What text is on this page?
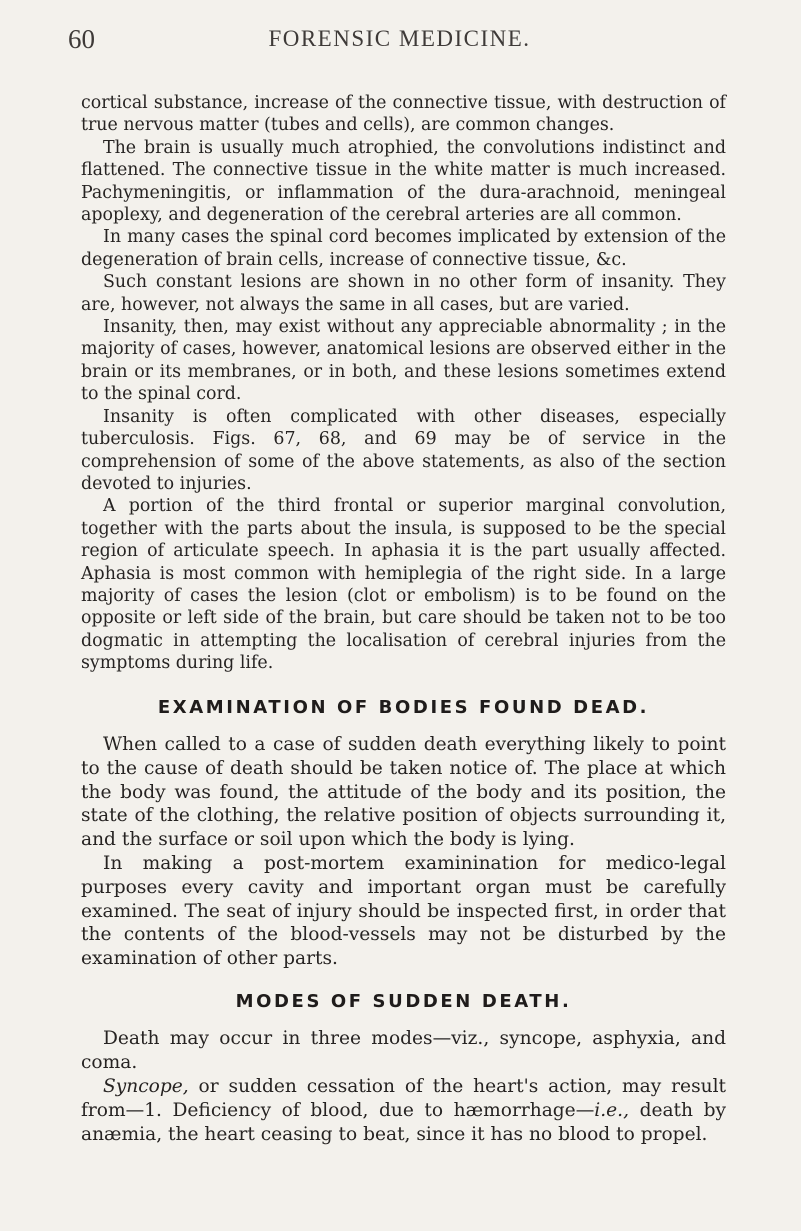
60	FORENSIC MEDICINE.

cortical substance, increase of the connective tissue, with destruction of true nervous matter (tubes and cells), are common changes.

The brain is usually much atrophied, the convolutions indistinct and flattened. The connective tissue in the white matter is much increased. Pachymeningitis, or inflammation of the dura-arachnoid, meningeal apoplexy, and degeneration of the cerebral arteries are all common.

In many cases the spinal cord becomes implicated by extension of the degeneration of brain cells, increase of connective tissue, &c.

Such constant lesions are shown in no other form of insanity. They are, however, not always the same in all cases, but are varied.

Insanity, then, may exist without any appreciable abnormality ; in the majority of cases, however, anatomical lesions are observed either in the brain or its membranes, or in both, and these lesions sometimes extend to the spinal cord.

Insanity is often complicated with other diseases, especially tuberculosis. Figs. 67, 68, and 69 may be of service in the comprehension of some of the above statements, as also of the section devoted to injuries.

A portion of the third frontal or superior marginal convolution, together with the parts about the insula, is supposed to be the special region of articulate speech. In aphasia it is the part usually affected. Aphasia is most common with hemiplegia of the right side. In a large majority of cases the lesion (clot or embolism) is to be found on the opposite or left side of the brain, but care should be taken not to be too dogmatic in attempting the localisation of cerebral injuries from the symptoms during life.

EXAMINATION OF BODIES FOUND DEAD.

When called to a case of sudden death everything likely to point to the cause of death should be taken notice of. The place at which the body was found, the attitude of the body and its position, the state of the clothing, the relative position of objects surrounding it, and the surface or soil upon which the body is lying.

In making a post-mortem examinination for medico-legal purposes every cavity and important organ must be carefully examined. The seat of injury should be inspected first, in order that the contents of the blood-vessels may not be disturbed by the examination of other parts.

MODES OF SUDDEN DEATH.

Death may occur in three modes—viz., syncope, asphyxia, and coma.

Syncope, or sudden cessation of the heart's action, may result from—1. Deficiency of blood, due to hæmorrhage—i.e., death by anæmia, the heart ceasing to beat, since it has no blood to propel.
